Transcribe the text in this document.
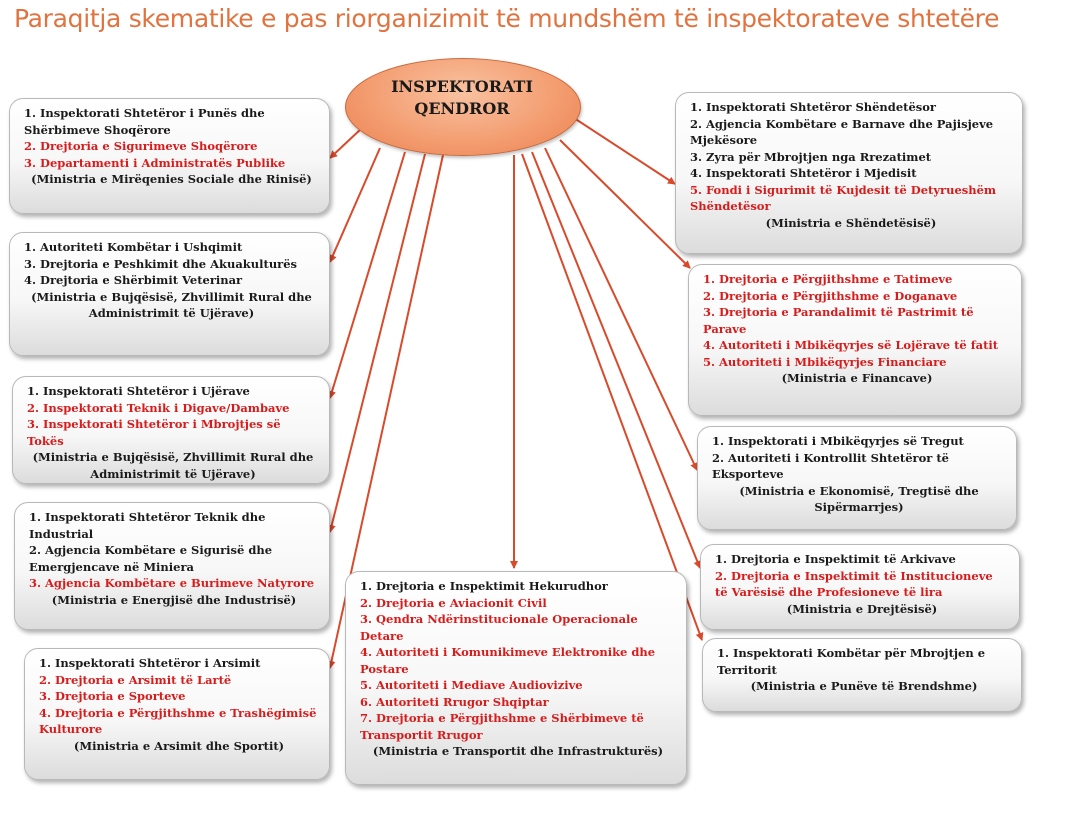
Paraqitja skematike e pas riorganizimit të mundshëm të inspektorateve shtetëre
INSPEKTORATI
QENDROR
1. Inspektorati Shtetëror i Punës dhe Shërbimeve Shoqërore
2. Drejtoria e Sigurimeve Shoqërore
3. Departamenti i Administratës Publike
(Ministria e Mirëqenies Sociale dhe Rinisë)
1. Autoriteti Kombëtar i Ushqimit
3. Drejtoria e Peshkimit dhe Akuakulturës
4. Drejtoria e Shërbimit Veterinar
(Ministria e Bujqësisë, Zhvillimit Rural dhe Administrimit të Ujërave)
1. Inspektorati Shtetëror i Ujërave
2. Inspektorati Teknik i Digave/Dambave
3. Inspektorati Shtetëror i Mbrojtjes së Tokës
(Ministria e Bujqësisë, Zhvillimit Rural dhe Administrimit të Ujërave)
1. Inspektorati Shtetëror Teknik dhe Industrial
2. Agjencia Kombëtare e Sigurisë dhe Emergjencave në Miniera
3. Agjencia Kombëtare e Burimeve Natyrore
(Ministria e Energjisë dhe Industrisë)
1. Inspektorati Shtetëror i Arsimit
2. Drejtoria e Arsimit të Lartë
3. Drejtoria e Sporteve
4. Drejtoria e Përgjithshme e Trashëgimisë Kulturore
(Ministria e Arsimit dhe Sportit)
1. Drejtoria e Inspektimit Hekurudhor
2. Drejtoria e Aviacionit Civil
3. Qendra Ndërinstitucionale Operacionale Detare
4. Autoriteti i Komunikimeve Elektronike dhe Postare
5. Autoriteti i Mediave Audiovizive
6. Autoriteti Rrugor Shqiptar
7. Drejtoria e Përgjithshme e Shërbimeve të Transportit Rrugor
(Ministria e Transportit dhe Infrastrukturës)
1. Inspektorati Shtetëror Shëndetësor
2. Agjencia Kombëtare e Barnave dhe Pajisjeve Mjekësore
3. Zyra për Mbrojtjen nga Rrezatimet
4. Inspektorati Shtetëror i Mjedisit
5. Fondi i Sigurimit të Kujdesit të Detyrueshëm Shëndetësor
(Ministria e Shëndetësisë)
1. Drejtoria e Përgjithshme e Tatimeve
2. Drejtoria e Përgjithshme e Doganave
3. Drejtoria e Parandalimit të Pastrimit të Parave
4. Autoriteti i Mbikëqyrjes së Lojërave të fatit
5. Autoriteti i Mbikëqyrjes Financiare
(Ministria e Financave)
1. Inspektorati i Mbikëqyrjes së Tregut
2. Autoriteti i Kontrollit Shtetëror të Eksporteve
(Ministria e Ekonomisë, Tregtisë dhe Sipërmarrjes)
1. Drejtoria e Inspektimit të Arkivave
2. Drejtoria e Inspektimit të Institucioneve të Varësisë dhe Profesioneve të lira
(Ministria e Drejtësisë)
1. Inspektorati Kombëtar për Mbrojtjen e Territorit
(Ministria e Punëve të Brendshme)
